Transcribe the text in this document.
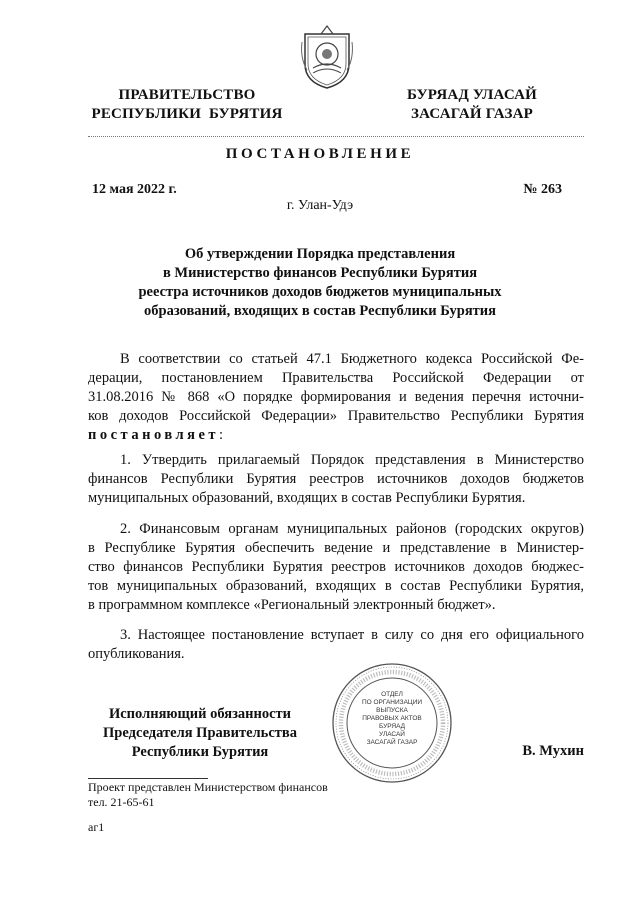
ПРАВИТЕЛЬСТВО
РЕСПУБЛИКИ  БУРЯТИЯ
БУРЯАД УЛАСАЙ
ЗАСАГАЙ ГАЗАР
ПОСТАНОВЛЕНИЕ
12 мая 2022 г.	№ 263
г. Улан-Удэ
Об утверждении Порядка представления
в Министерство финансов Республики Бурятия
реестра источников доходов бюджетов муниципальных
образований, входящих в состав Республики Бурятия
В соответствии со статьей 47.1 Бюджетного кодекса Российской Фе-
дерации, постановлением Правительства Российской Федерации от
31.08.2016 № 868 «О порядке формирования и ведения перечня источни-
ков доходов Российской Федерации» Правительство Республики Бурятия
постановляет:
1. Утвердить прилагаемый Порядок представления в Министерство
финансов Республики Бурятия реестров источников доходов бюджетов
муниципальных образований, входящих в состав Республики Бурятия.
2. Финансовым органам муниципальных районов (городских округов)
в Республике Бурятия обеспечить ведение и представление в Министер-
ство финансов Республики Бурятия реестров источников доходов бюджес-
тов муниципальных образований, входящих в состав Республики Бурятия,
в программном комплексе «Региональный электронный бюджет».
3. Настоящее постановление вступает в силу со дня его официального
опубликования.
ОТДЕЛ
ПО ОРГАНИЗАЦИИ
ВЫПУСКА
ПРАВОВЫХ АКТОВ
БУРЯАД
УЛАСАЙ
ЗАСАГАЙ ГАЗАР
Исполняющий обязанности
Председателя Правительства
Республики Бурятия	В. Мухин
Проект представлен Министерством финансов
тел. 21-65-61
аг1
